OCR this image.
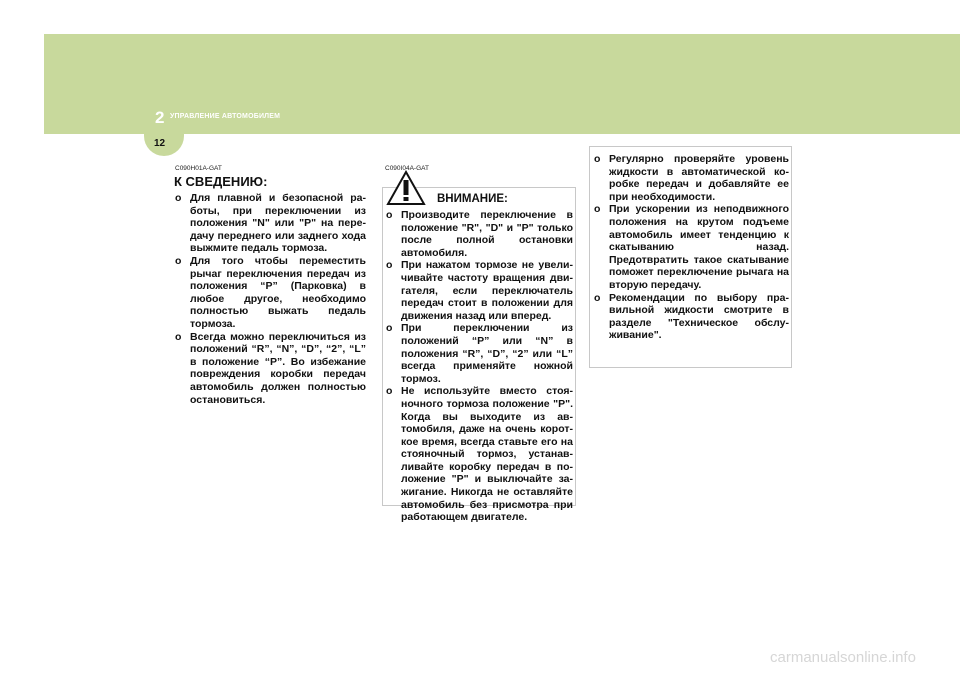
2 УПРАВЛЕНИЕ АВТОМОБИЛЕМ
12
C090H01A-GAT
К СВЕДЕНИЮ:
o Для плавной и безопасной ра-боты, при переключении из положения "N" или "P" на пере-дачу переднего или заднего хода выжмите педаль тормоза.
o Для того чтобы переместить рычаг переключения передач из положения “P” (Парковка) в любое другое, необходимо полностью выжать педаль тормоза.
o Всегда можно переключиться из положений “R”, “N”, “D”, “2”, “L” в положение “P”. Во избежание повреждения коробки передач автомобиль должен полностью остановиться.
C090I04A-GAT
ВНИМАНИЕ:
o Производите переключение в положение "R", "D" и "P" только после полной остановки автомобиля.
o При нажатом тормозе не увели-чивайте частоту вращения дви-гателя, если переключатель передач стоит в положении для движения назад или вперед.
o При переключении из положений “P” или “N” в положения “R”, “D”, “2” или “L” всегда применяйте ножной тормоз.
o Не используйте вместо стоя-ночного тормоза положение "P". Когда вы выходите из ав-томобиля, даже на очень корот-кое время, всегда ставьте его на стояночный тормоз, устанав-ливайте коробку передач в по-ложение "P" и выключайте за-жигание. Никогда не оставляйте автомобиль без присмотра при работающем двигателе.
o Регулярно проверяйте уровень жидкости в автоматической ко-робке передач и добавляйте ее при необходимости.
o При ускорении из неподвижного положения на крутом подъеме автомобиль имеет тенденцию к скатыванию назад. Предотвратить такое скатывание поможет переключение рычага на вторую передачу.
o Рекомендации по выбору пра-вильной жидкости смотрите в разделе "Техническое обслу-живание".
carmanualsonline.info
